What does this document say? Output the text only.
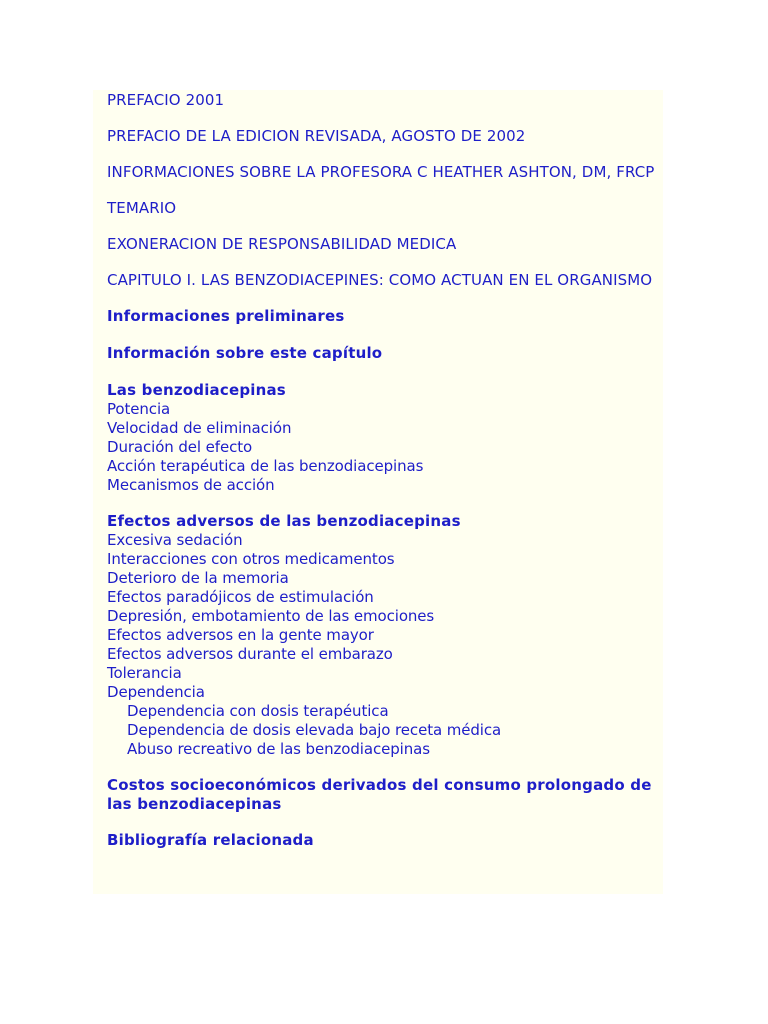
PREFACIO 2001
PREFACIO DE LA EDICION REVISADA, AGOSTO DE 2002
INFORMACIONES SOBRE LA PROFESORA C HEATHER ASHTON, DM, FRCP
TEMARIO
EXONERACION DE RESPONSABILIDAD MEDICA
CAPITULO I. LAS BENZODIACEPINES: COMO ACTUAN EN EL ORGANISMO
Informaciones preliminares
Información sobre este capítulo
Las benzodiacepinas
Potencia
Velocidad de eliminación
Duración del efecto
Acción terapéutica de las benzodiacepinas
Mecanismos de acción
Efectos adversos de las benzodiacepinas
Excesiva sedación
Interacciones con otros medicamentos
Deterioro de la memoria
Efectos paradójicos de estimulación
Depresión, embotamiento de las emociones
Efectos adversos en la gente mayor
Efectos adversos durante el embarazo
Tolerancia
Dependencia
Dependencia con dosis terapéutica
Dependencia de dosis elevada bajo receta médica
Abuso recreativo de las benzodiacepinas
Costos socioeconómicos derivados del consumo prolongado de las benzodiacepinas
Bibliografía relacionada
